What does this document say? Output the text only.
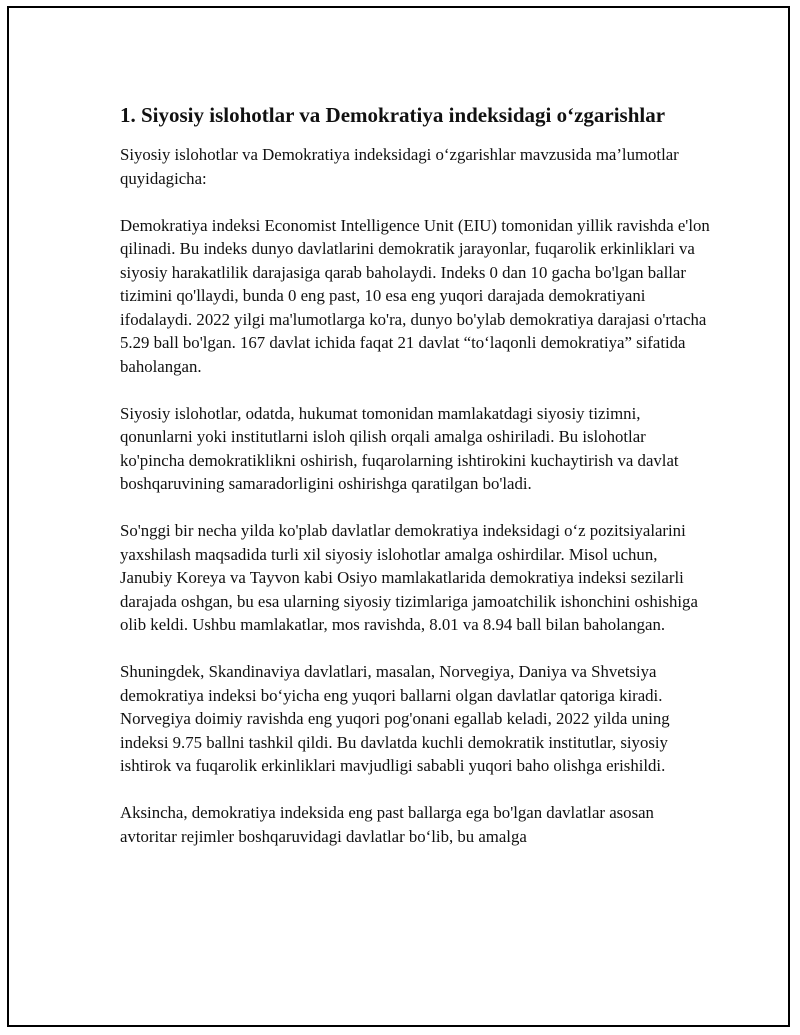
1. Siyosiy islohotlar va Demokratiya indeksidagi o‘zgarishlar

Siyosiy islohotlar va Demokratiya indeksidagi o‘zgarishlar mavzusida ma’lumotlar quyidagicha:

Demokratiya indeksi Economist Intelligence Unit (EIU) tomonidan yillik ravishda e'lon qilinadi. Bu indeks dunyo davlatlarini demokratik jarayonlar, fuqarolik erkinliklari va siyosiy harakatlilik darajasiga qarab baholaydi. Indeks 0 dan 10 gacha bo'lgan ballar tizimini qo'llaydi, bunda 0 eng past, 10 esa eng yuqori darajada demokratiyani ifodalaydi. 2022 yilgi ma'lumotlarga ko'ra, dunyo bo'ylab demokratiya darajasi o'rtacha 5.29 ball bo'lgan. 167 davlat ichida faqat 21 davlat “to‘laqonli demokratiya” sifatida baholangan.

Siyosiy islohotlar, odatda, hukumat tomonidan mamlakatdagi siyosiy tizimni, qonunlarni yoki institutlarni isloh qilish orqali amalga oshiriladi. Bu islohotlar ko'pincha demokratiklikni oshirish, fuqarolarning ishtirokini kuchaytirish va davlat boshqaruvining samaradorligini oshirishga qaratilgan bo'ladi.

So'nggi bir necha yilda ko'plab davlatlar demokratiya indeksidagi o‘z pozitsiyalarini yaxshilash maqsadida turli xil siyosiy islohotlar amalga oshirdilar. Misol uchun, Janubiy Koreya va Tayvon kabi Osiyo mamlakatlarida demokratiya indeksi sezilarli darajada oshgan, bu esa ularning siyosiy tizimlariga jamoatchilik ishonchini oshishiga olib keldi. Ushbu mamlakatlar, mos ravishda, 8.01 va 8.94 ball bilan baholangan.

Shuningdek, Skandinaviya davlatlari, masalan, Norvegiya, Daniya va Shvetsiya demokratiya indeksi bo‘yicha eng yuqori ballarni olgan davlatlar qatoriga kiradi. Norvegiya doimiy ravishda eng yuqori pog'onani egallab keladi, 2022 yilda uning indeksi 9.75 ballni tashkil qildi. Bu davlatda kuchli demokratik institutlar, siyosiy ishtirok va fuqarolik erkinliklari mavjudligi sababli yuqori baho olishga erishildi.

Aksincha, demokratiya indeksida eng past ballarga ega bo'lgan davlatlar asosan avtoritar rejimler boshqaruvidagi davlatlar bo‘lib, bu amalga
